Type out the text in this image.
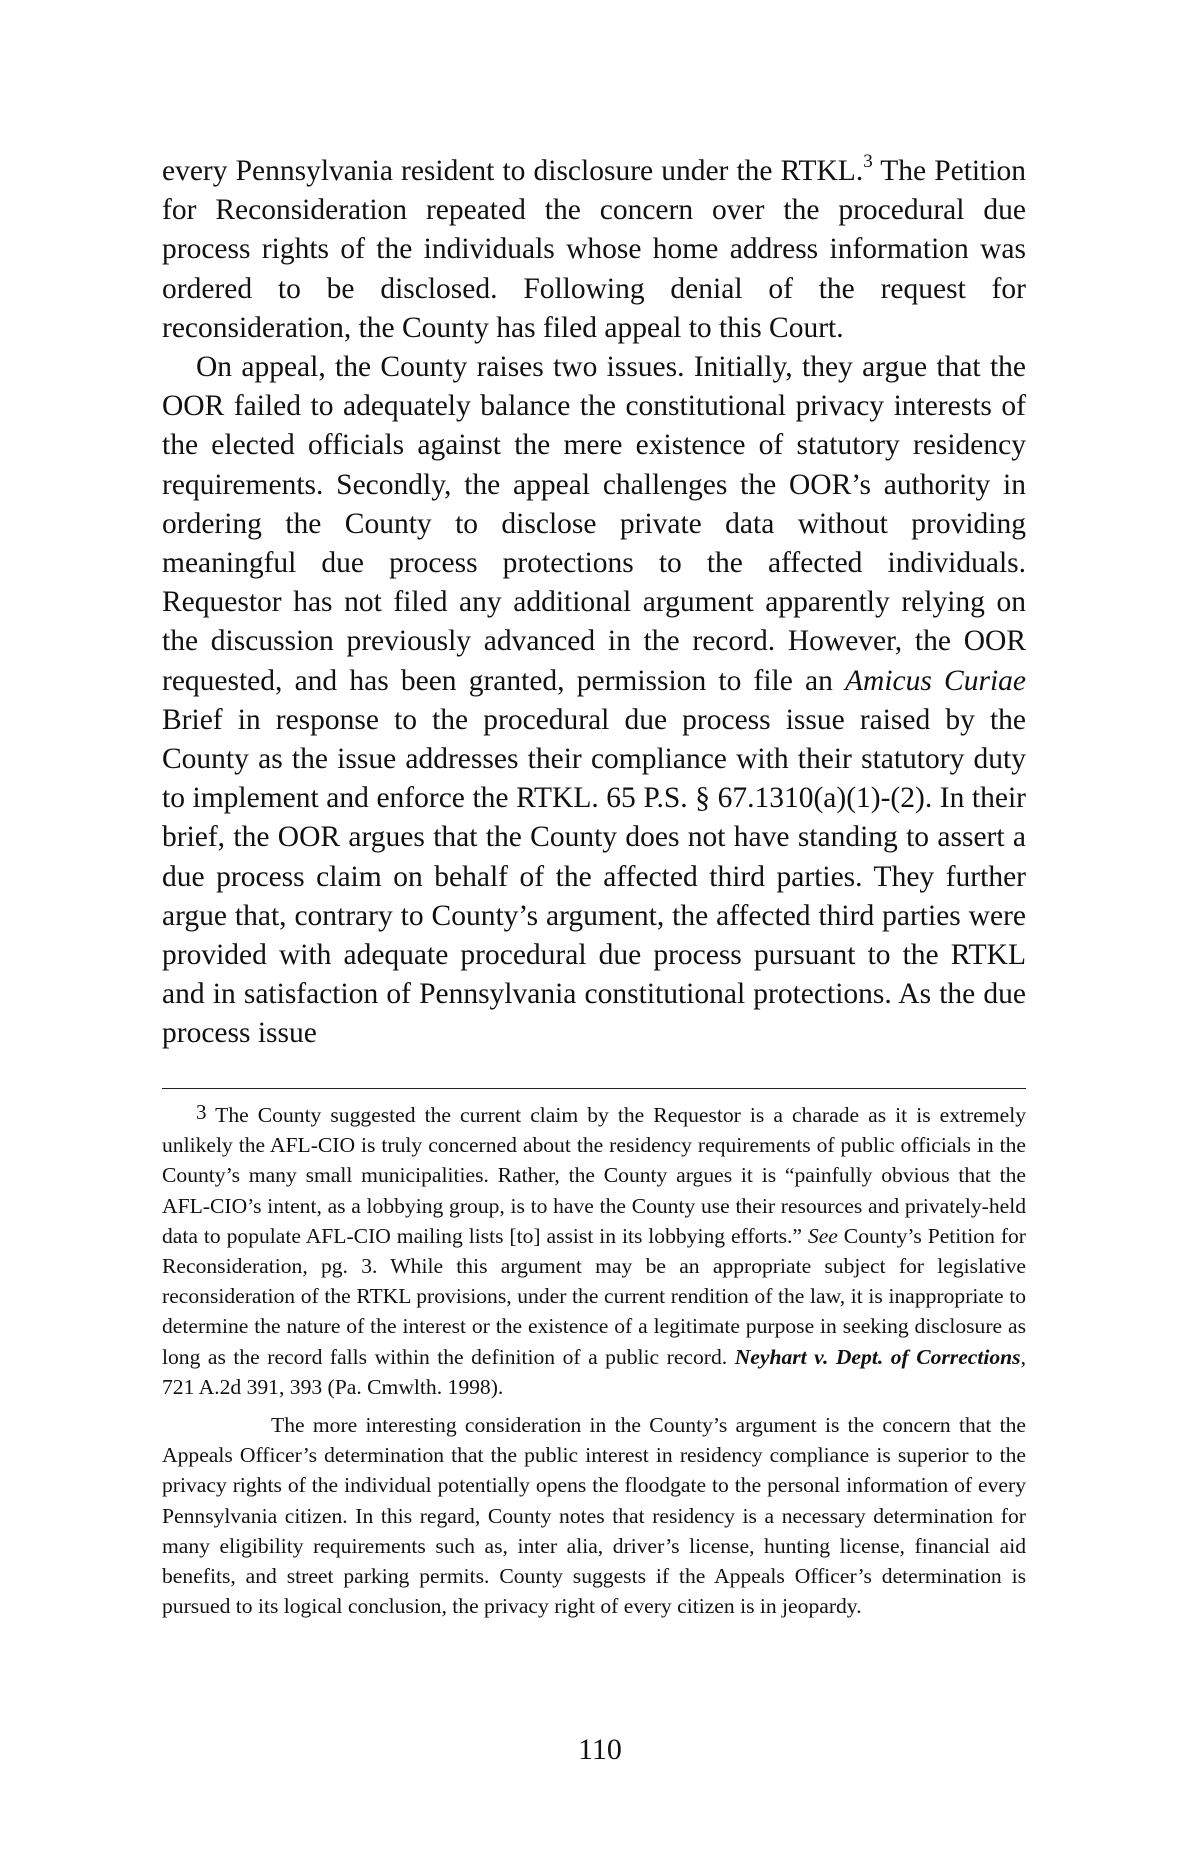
every Pennsylvania resident to disclosure under the RTKL.$^3$ The Petition for Reconsideration repeated the concern over the procedural due process rights of the individuals whose home address information was ordered to be disclosed. Following denial of the request for reconsideration, the County has filed appeal to this Court.

On appeal, the County raises two issues. Initially, they argue that the OOR failed to adequately balance the constitutional privacy interests of the elected officials against the mere existence of statutory residency requirements. Secondly, the appeal challenges the OOR’s authority in ordering the County to disclose private data without providing meaningful due process protections to the affected individuals. Requestor has not filed any additional argument apparently relying on the discussion previously advanced in the record. However, the OOR requested, and has been granted, permission to file an Amicus Curiae Brief in response to the procedural due process issue raised by the County as the issue addresses their compliance with their statutory duty to implement and enforce the RTKL. 65 P.S. § 67.1310(a)(1)-(2). In their brief, the OOR argues that the County does not have standing to assert a due process claim on behalf of the affected third parties. They further argue that, contrary to County’s argument, the affected third parties were provided with adequate procedural due process pursuant to the RTKL and in satisfaction of Pennsylvania constitutional protections. As the due process issue

3 The County suggested the current claim by the Requestor is a charade as it is extremely unlikely the AFL-CIO is truly concerned about the residency requirements of public officials in the County’s many small municipalities. Rather, the County argues it is “painfully obvious that the AFL-CIO’s intent, as a lobbying group, is to have the County use their resources and privately-held data to populate AFL-CIO mailing lists [to] assist in its lobbying efforts.” See County’s Petition for Reconsideration, pg. 3. While this argument may be an appropriate subject for legislative reconsideration of the RTKL provisions, under the current rendition of the law, it is inappropriate to determine the nature of the interest or the existence of a legitimate purpose in seeking disclosure as long as the record falls within the definition of a public record. Neyhart v. Dept. of Corrections, 721 A.2d 391, 393 (Pa. Cmwlth. 1998).

The more interesting consideration in the County’s argument is the concern that the Appeals Officer’s determination that the public interest in residency compliance is superior to the privacy rights of the individual potentially opens the floodgate to the personal information of every Pennsylvania citizen. In this regard, County notes that residency is a necessary determination for many eligibility requirements such as, inter alia, driver’s license, hunting license, financial aid benefits, and street parking permits. County suggests if the Appeals Officer’s determination is pursued to its logical conclusion, the privacy right of every citizen is in jeopardy.

110
